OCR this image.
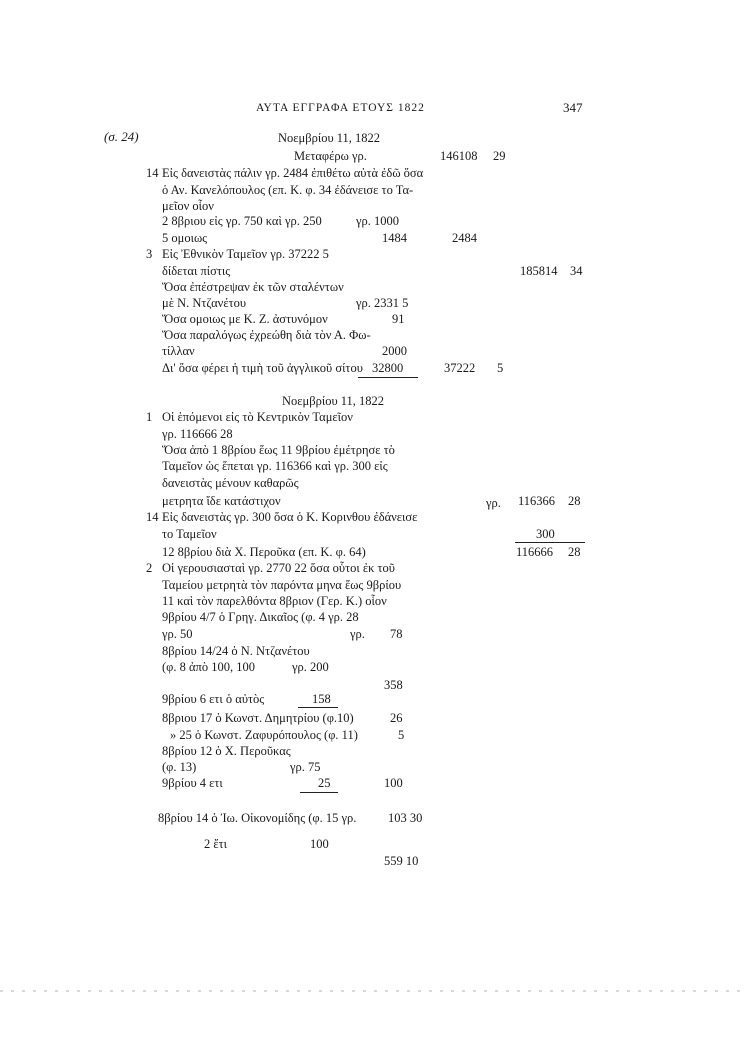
ΑΥΤΑ ΕΓΓΡΑΦΑ ΕΤΟΥΣ 1822	347
(σ. 24)	Νοεμβρίου 11, 1822
Μεταφέρω γρ.	146108 29
14 Εἰς δανειστὰς πάλιν γρ. 2484 ἐπιθέτω αὐτὰ ἐδῶ ὅσα
ὁ Αν. Κανελόπουλος (επ. Κ. φ. 34 ἐδάνεισε το Τα-
μεῖον οἷον
2 8βριου εἰς γρ. 750 καὶ γρ. 250	γρ. 1000
5 ομοιως	1484	2484
3 Εἰς Ἐθνικὸν Ταμεῖον γρ. 37222 5
δίδεται πίστις	185814 34
Ὅσα ἐπέστρεψαν ἐκ τῶν σταλέντων
μὲ Ν. Ντζανέτου	γρ. 2331 5
Ὅσα ομοιως με Κ. Ζ. ἀστυνόμον	91
Ὅσα παραλόγως ἐχρεώθη διὰ τὸν Α. Φω-
τίλλαν	2000
Δι' ὅσα φέρει ἡ τιμὴ τοῦ ἀγγλικοῦ σίτου 32800	37222 5
Νοεμβρίου 11, 1822
1 Οἱ ἑπόμενοι εἰς τὸ Κεντρικὸν Ταμεῖον
γρ. 116666 28
Ὅσα ἀπὸ 1 8βρίου ἕως 11 9βρίου ἐμέτρησε τὸ
Ταμεῖον ὡς ἕπεται γρ. 116366 καὶ γρ. 300 εἰς
δανειστὰς μένουν καθαρῶς
μετρητα ἴδε κατάστιχον	γρ. 116366 28
14 Εἰς δανειστὰς γρ. 300 ὅσα ὁ Κ. Κορινθου ἐδάνεισε
το Ταμεῖον	300
12 8βρίου διὰ Χ. Περοῦκα (επ. Κ. φ. 64)	116666 28
2 Οἱ γερουσιασταὶ γρ. 2770 22 ὅσα οὗτοι ἐκ τοῦ
Ταμείου μετρητὰ τὸν παρόντα μηνα ἕως 9βρίου
11 καὶ τὸν παρελθόντα 8βριον (Γερ. Κ.) οἷον
9βρίου 4/7 ὁ Γρηγ. Δικαῖος (φ. 4 γρ. 28
γρ. 50	γρ. 78
8βρίου 14/24 ὁ Ν. Ντζανέτου
(φ. 8 ἀπὸ 100, 100	γρ. 200
358
9βρίου 6 ετι ὁ αὐτὸς	158
8βριου 17 ὁ Κωνστ. Δημητρίου (φ.10)	26
» 25 ὁ Κωνστ. Ζαφυρόπουλος (φ. 11)	5
8βρίου 12 ὁ Χ. Περοῦκας
(φ. 13)	γρ. 75
9βρίου 4 ετι	25	100
8βρίου 14 ὁ Ἰω. Οἰκονομίδης (φ. 15 γρ.	103 30
2 ἔτι	100
559 10
